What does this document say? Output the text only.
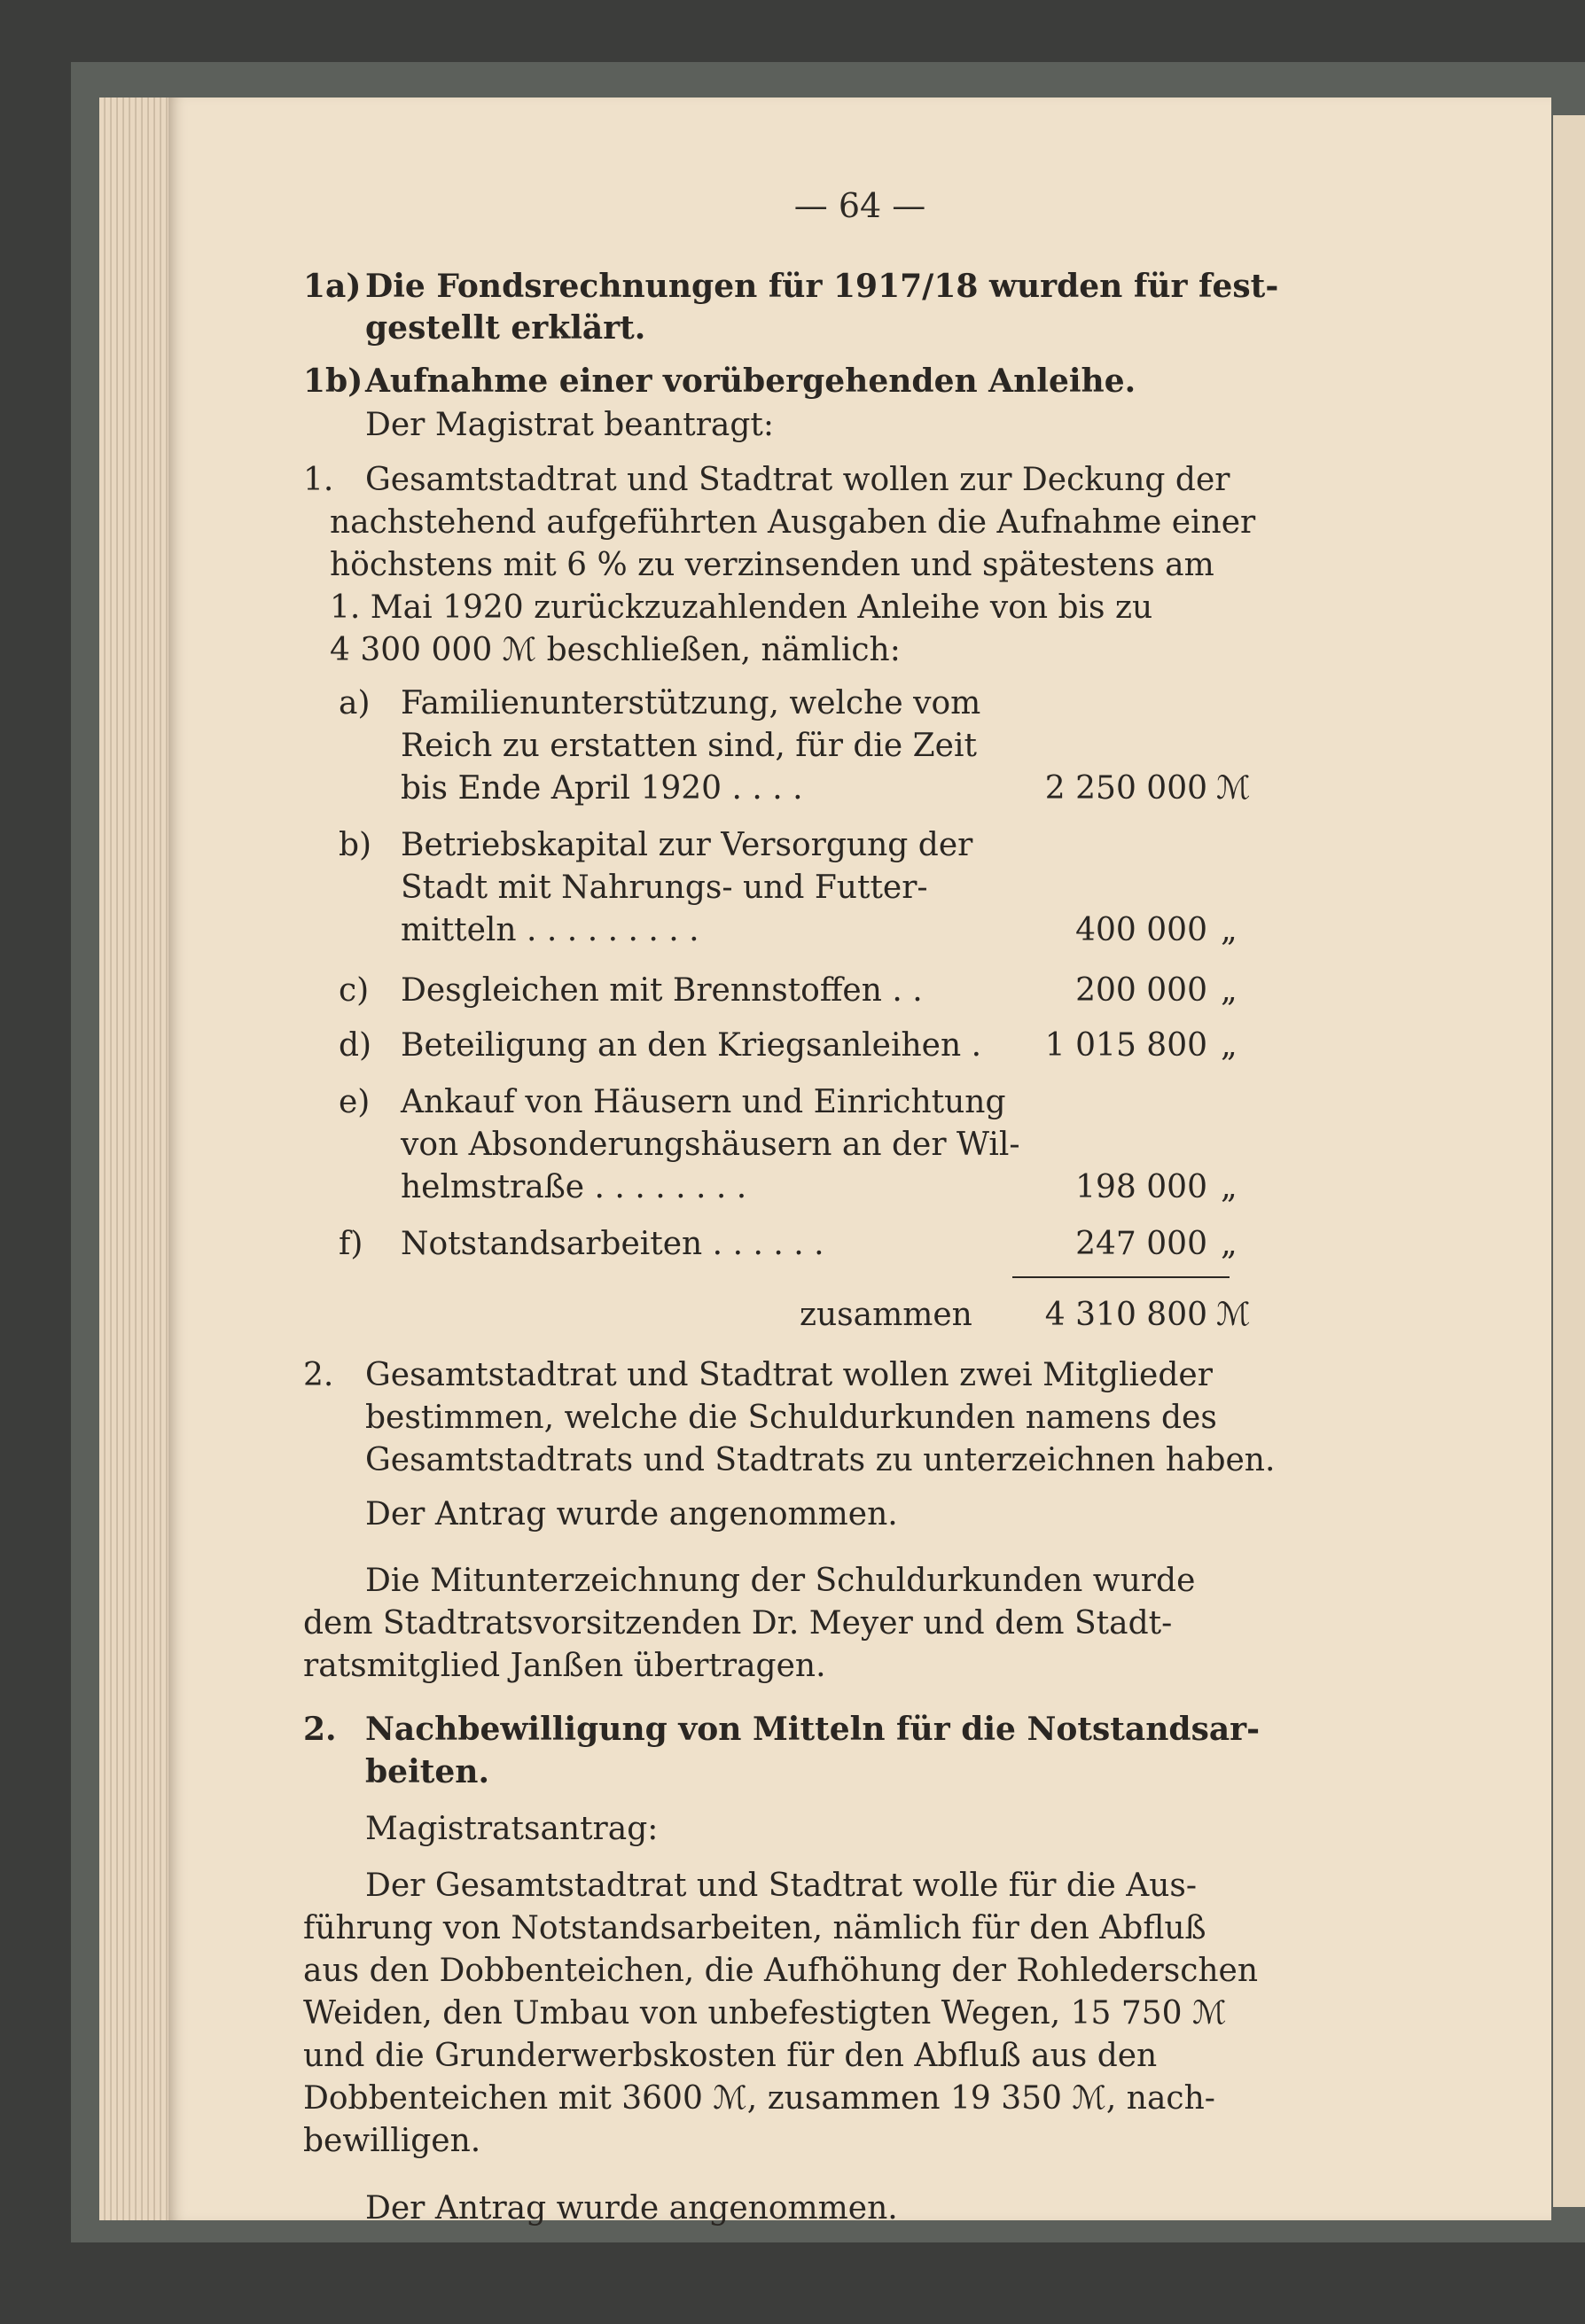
— 64 —
1a) Die Fondsrechnungen für 1917/18 wurden für fest-
gestellt erklärt.
1b) Aufnahme einer vorübergehenden Anleihe.
Der Magistrat beantragt:
1. Gesamtstadtrat und Stadtrat wollen zur Deckung der
nachstehend aufgeführten Ausgaben die Aufnahme einer
höchstens mit 6 % zu verzinsenden und spätestens am
1. Mai 1920 zurückzuzahlenden Anleihe von bis zu
4 300 000 ℳ beschließen, nämlich:
a) Familienunterstützung, welche vom
Reich zu erstatten sind, für die Zeit
bis Ende April 1920 . . . .	2 250 000 ℳ
b) Betriebskapital zur Versorgung der
Stadt mit Nahrungs- und Futter-
mitteln . . . . . . . . .	400 000 „
c) Desgleichen mit Brennstoffen . .	200 000 „
d) Beteiligung an den Kriegsanleihen .	1 015 800 „
e) Ankauf von Häusern und Einrichtung
von Absonderungshäusern an der Wil-
helmstraße . . . . . . . .	198 000 „
f) Notstandsarbeiten . . . . . .	247 000 „
zusammen	4 310 800 ℳ
2. Gesamtstadtrat und Stadtrat wollen zwei Mitglieder
bestimmen, welche die Schuldurkunden namens des
Gesamtstadtrats und Stadtrats zu unterzeichnen haben.
Der Antrag wurde angenommen.
Die Mitunterzeichnung der Schuldurkunden wurde
dem Stadtratsvorsitzenden Dr. Meyer und dem Stadt-
ratsmitglied Janßen übertragen.
2. Nachbewilligung von Mitteln für die Notstandsar-
beiten.
Magistratsantrag:
Der Gesamtstadtrat und Stadtrat wolle für die Aus-
führung von Notstandsarbeiten, nämlich für den Abfluß
aus den Dobbenteichen, die Aufhöhung der Rohlederschen
Weiden, den Umbau von unbefestigten Wegen, 15 750 ℳ
und die Grunderwerbskosten für den Abfluß aus den
Dobbenteichen mit 3600 ℳ, zusammen 19 350 ℳ, nach-
bewilligen.
Der Antrag wurde angenommen.
